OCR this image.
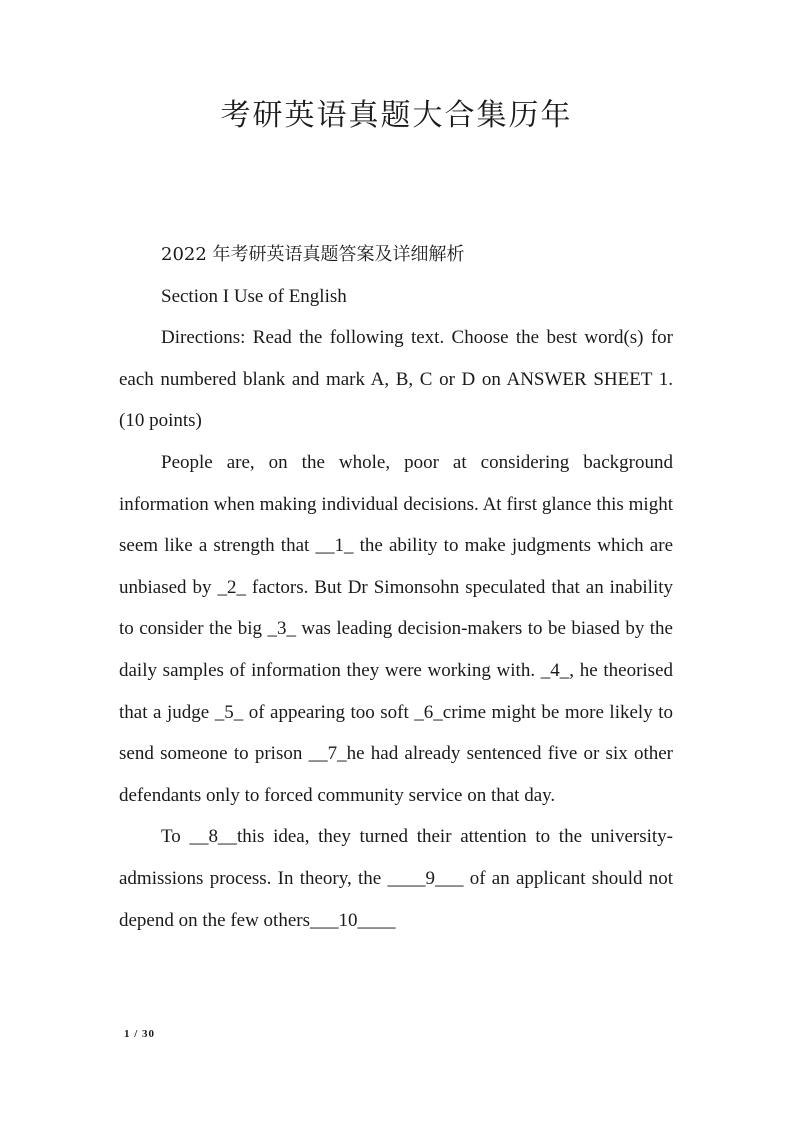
考研英语真题大合集历年

2022 年考研英语真题答案及详细解析

Section I Use of English

Directions: Read the following text. Choose the best word(s) for each numbered blank and mark A, B, C or D on ANSWER SHEET 1. (10 points)

People are, on the whole, poor at considering background information when making individual decisions. At first glance this might seem like a strength that __1_ the ability to make judgments which are unbiased by _2_ factors. But Dr Simonsohn speculated that an inability to consider the big _3_ was leading decision-makers to be biased by the daily samples of information they were working with. _4_, he theorised that a judge _5_ of appearing too soft _6_crime might be more likely to send someone to prison __7_he had already sentenced five or six other defendants only to forced community service on that day.

To __8__this idea, they turned their attention to the university-admissions process. In theory, the ____9___ of an applicant should not depend on the few others___10____

1 / 30
